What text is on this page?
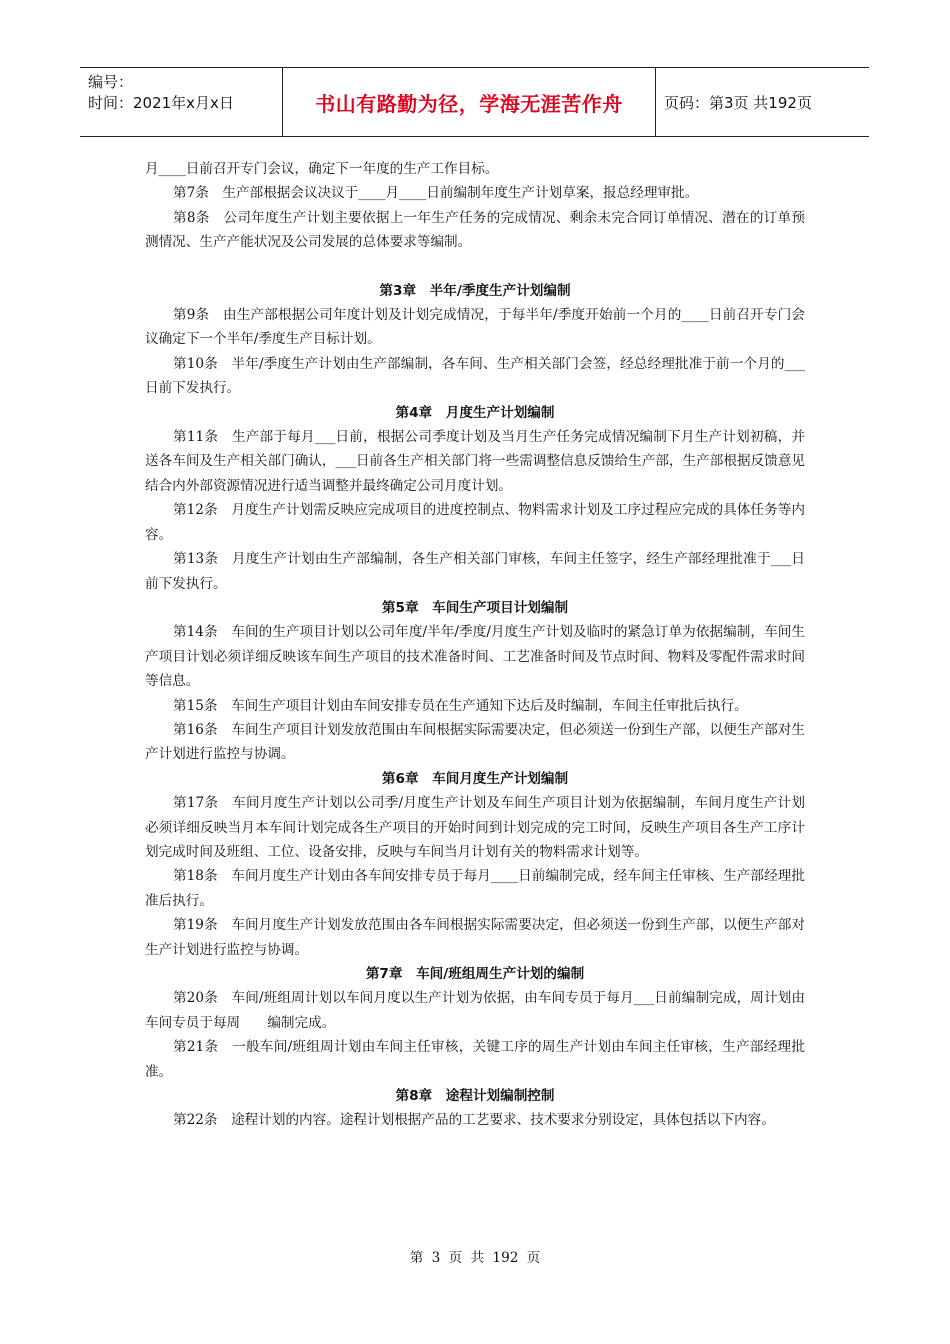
编号：
时间：2021年x月x日	书山有路勤为径，学海无涯苦作舟	页码：第3页 共192页

月____日前召开专门会议，确定下一年度的生产工作目标。

第7条　生产部根据会议决议于____月____日前编制年度生产计划草案，报总经理审批。

第8条　公司年度生产计划主要依据上一年生产任务的完成情况、剩余未完合同订单情况、潜在的订单预测情况、生产产能状况及公司发展的总体要求等编制。

第3章　半年/季度生产计划编制

第9条　由生产部根据公司年度计划及计划完成情况，于每半年/季度开始前一个月的____日前召开专门会议确定下一个半年/季度生产目标计划。

第10条　半年/季度生产计划由生产部编制，各车间、生产相关部门会签，经总经理批准于前一个月的___日前下发执行。

第4章　月度生产计划编制

第11条　生产部于每月___日前，根据公司季度计划及当月生产任务完成情况编制下月生产计划初稿，并送各车间及生产相关部门确认，___日前各生产相关部门将一些需调整信息反馈给生产部，生产部根据反馈意见结合内外部资源情况进行适当调整并最终确定公司月度计划。

第12条　月度生产计划需反映应完成项目的进度控制点、物料需求计划及工序过程应完成的具体任务等内容。

第13条　月度生产计划由生产部编制，各生产相关部门审核，车间主任签字，经生产部经理批准于___日前下发执行。

第5章　车间生产项目计划编制

第14条　车间的生产项目计划以公司年度/半年/季度/月度生产计划及临时的紧急订单为依据编制，车间生产项目计划必须详细反映该车间生产项目的技术准备时间、工艺准备时间及节点时间、物料及零配件需求时间等信息。

第15条　车间生产项目计划由车间安排专员在生产通知下达后及时编制，车间主任审批后执行。

第16条　车间生产项目计划发放范围由车间根据实际需要决定，但必须送一份到生产部，以便生产部对生产计划进行监控与协调。

第6章　车间月度生产计划编制

第17条　车间月度生产计划以公司季/月度生产计划及车间生产项目计划为依据编制，车间月度生产计划必须详细反映当月本车间计划完成各生产项目的开始时间到计划完成的完工时间，反映生产项目各生产工序计划完成时间及班组、工位、设备安排，反映与车间当月计划有关的物料需求计划等。

第18条　车间月度生产计划由各车间安排专员于每月____日前编制完成，经车间主任审核、生产部经理批准后执行。

第19条　车间月度生产计划发放范围由各车间根据实际需要决定，但必须送一份到生产部，以便生产部对生产计划进行监控与协调。

第7章　车间/班组周生产计划的编制

第20条　车间/班组周计划以车间月度以生产计划为依据，由车间专员于每月___日前编制完成，周计划由车间专员于每周　　编制完成。

第21条　一般车间/班组周计划由车间主任审核，关键工序的周生产计划由车间主任审核，生产部经理批准。

第8章　途程计划编制控制

第22条　途程计划的内容。途程计划根据产品的工艺要求、技术要求分别设定，具体包括以下内容。

第 3 页 共 192 页
